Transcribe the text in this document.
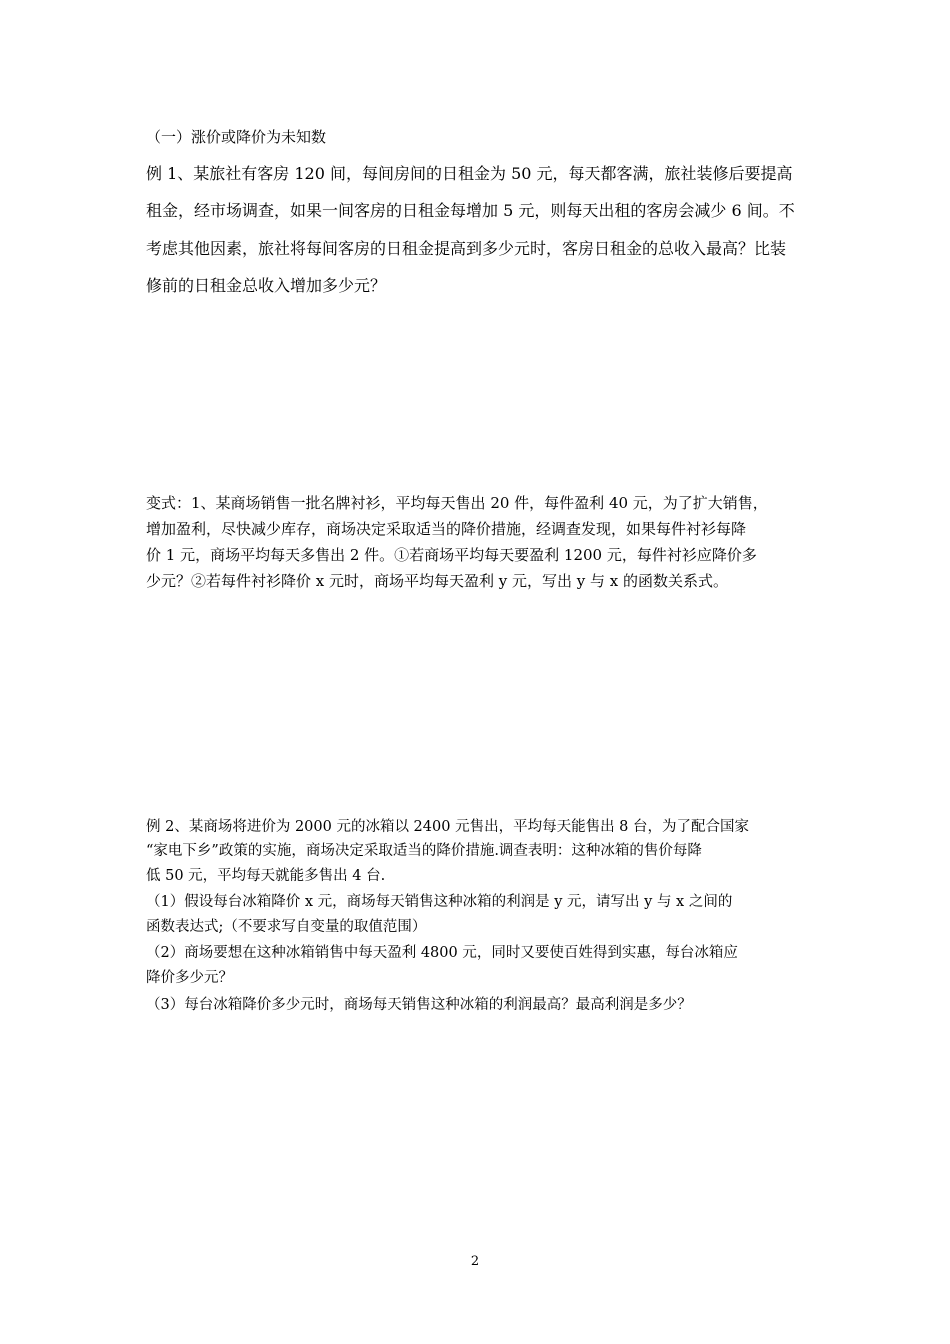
（一）涨价或降价为未知数
例 1、某旅社有客房 120 间，每间房间的日租金为 50 元，每天都客满，旅社装修后要提高
租金，经市场调查，如果一间客房的日租金每增加 5 元，则每天出租的客房会减少 6 间。不
考虑其他因素，旅社将每间客房的日租金提高到多少元时，客房日租金的总收入最高？比装
修前的日租金总收入增加多少元？
变式：1、某商场销售一批名牌衬衫，平均每天售出 20 件，每件盈利 40 元，为了扩大销售，
增加盈利，尽快减少库存，商场决定采取适当的降价措施，经调查发现，如果每件衬衫每降
价 1 元，商场平均每天多售出 2 件。①若商场平均每天要盈利 1200 元，每件衬衫应降价多
少元？②若每件衬衫降价 x 元时，商场平均每天盈利 y 元，写出 y 与 x 的函数关系式。
例 2、某商场将进价为 2000 元的冰箱以 2400 元售出，平均每天能售出 8 台，为了配合国家
“家电下乡”政策的实施，商场决定采取适当的降价措施.调查表明：这种冰箱的售价每降
低 50 元，平均每天就能多售出 4 台.
（1）假设每台冰箱降价 x 元，商场每天销售这种冰箱的利润是 y 元，请写出 y 与 x 之间的
函数表达式;（不要求写自变量的取值范围）
（2）商场要想在这种冰箱销售中每天盈利 4800 元，同时又要使百姓得到实惠，每台冰箱应
降价多少元？
（3）每台冰箱降价多少元时，商场每天销售这种冰箱的利润最高？最高利润是多少？
2
